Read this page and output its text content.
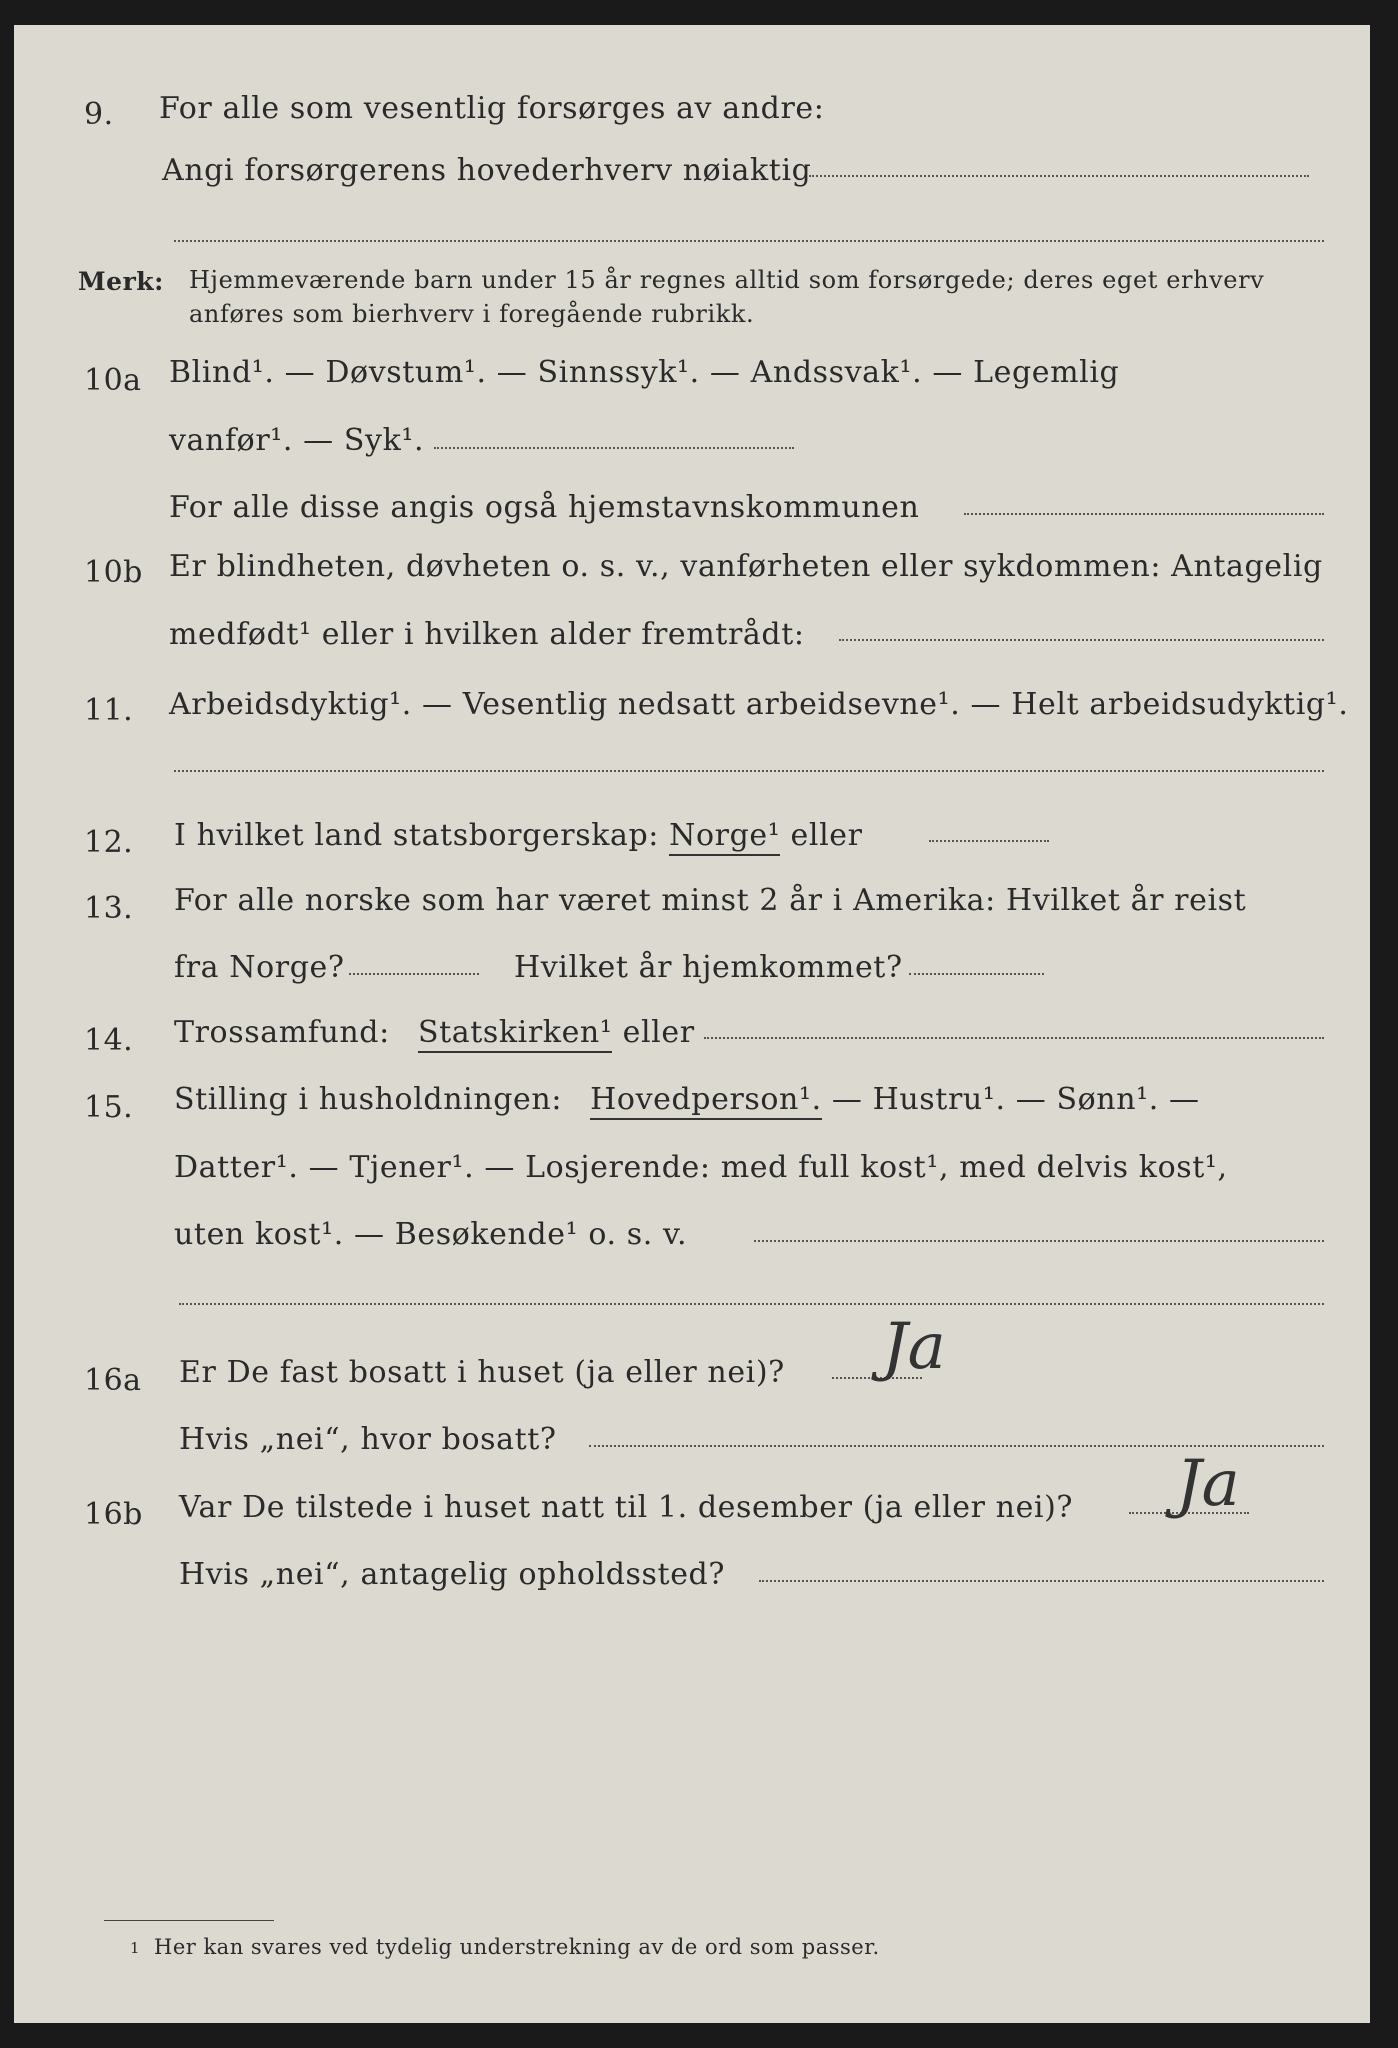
9.	For alle som vesentlig forsørges av andre:
Angi forsørgerens hovederhverv nøiaktig
Merk: Hjemmeværende barn under 15 år regnes alltid som forsørgede; deres eget erhverv
anføres som bierhverv i foregående rubrikk.
10a Blind¹. — Døvstum¹. — Sinnssyk¹. — Andssvak¹. — Legemlig
vanfør¹. — Syk¹.
For alle disse angis også hjemstavnskommunen
10b Er blindheten, døvheten o. s. v., vanførheten eller sykdommen: Antagelig
medfødt¹ eller i hvilken alder fremtrådt:
11.	Arbeidsdyktig¹. — Vesentlig nedsatt arbeidsevne¹. — Helt arbeidsudyktig¹.
12.	I hvilket land statsborgerskap: Norge¹ eller
13.	For alle norske som har været minst 2 år i Amerika: Hvilket år reist
fra Norge?	Hvilket år hjemkommet?
14.	Trossamfund: Statskirken¹ eller
15.	Stilling i husholdningen: Hovedperson¹. — Hustru¹. — Sønn¹. —
Datter¹. — Tjener¹. — Losjerende: med full kost¹, med delvis kost¹,
uten kost¹. — Besøkende¹ o. s. v.
16a	Er De fast bosatt i huset (ja eller nei)? Ja
Hvis „nei“, hvor bosatt?
16b	Var De tilstede i huset natt til 1. desember (ja eller nei)? Ja
Hvis „nei“, antagelig opholdssted?
1 Her kan svares ved tydelig understrekning av de ord som passer.
